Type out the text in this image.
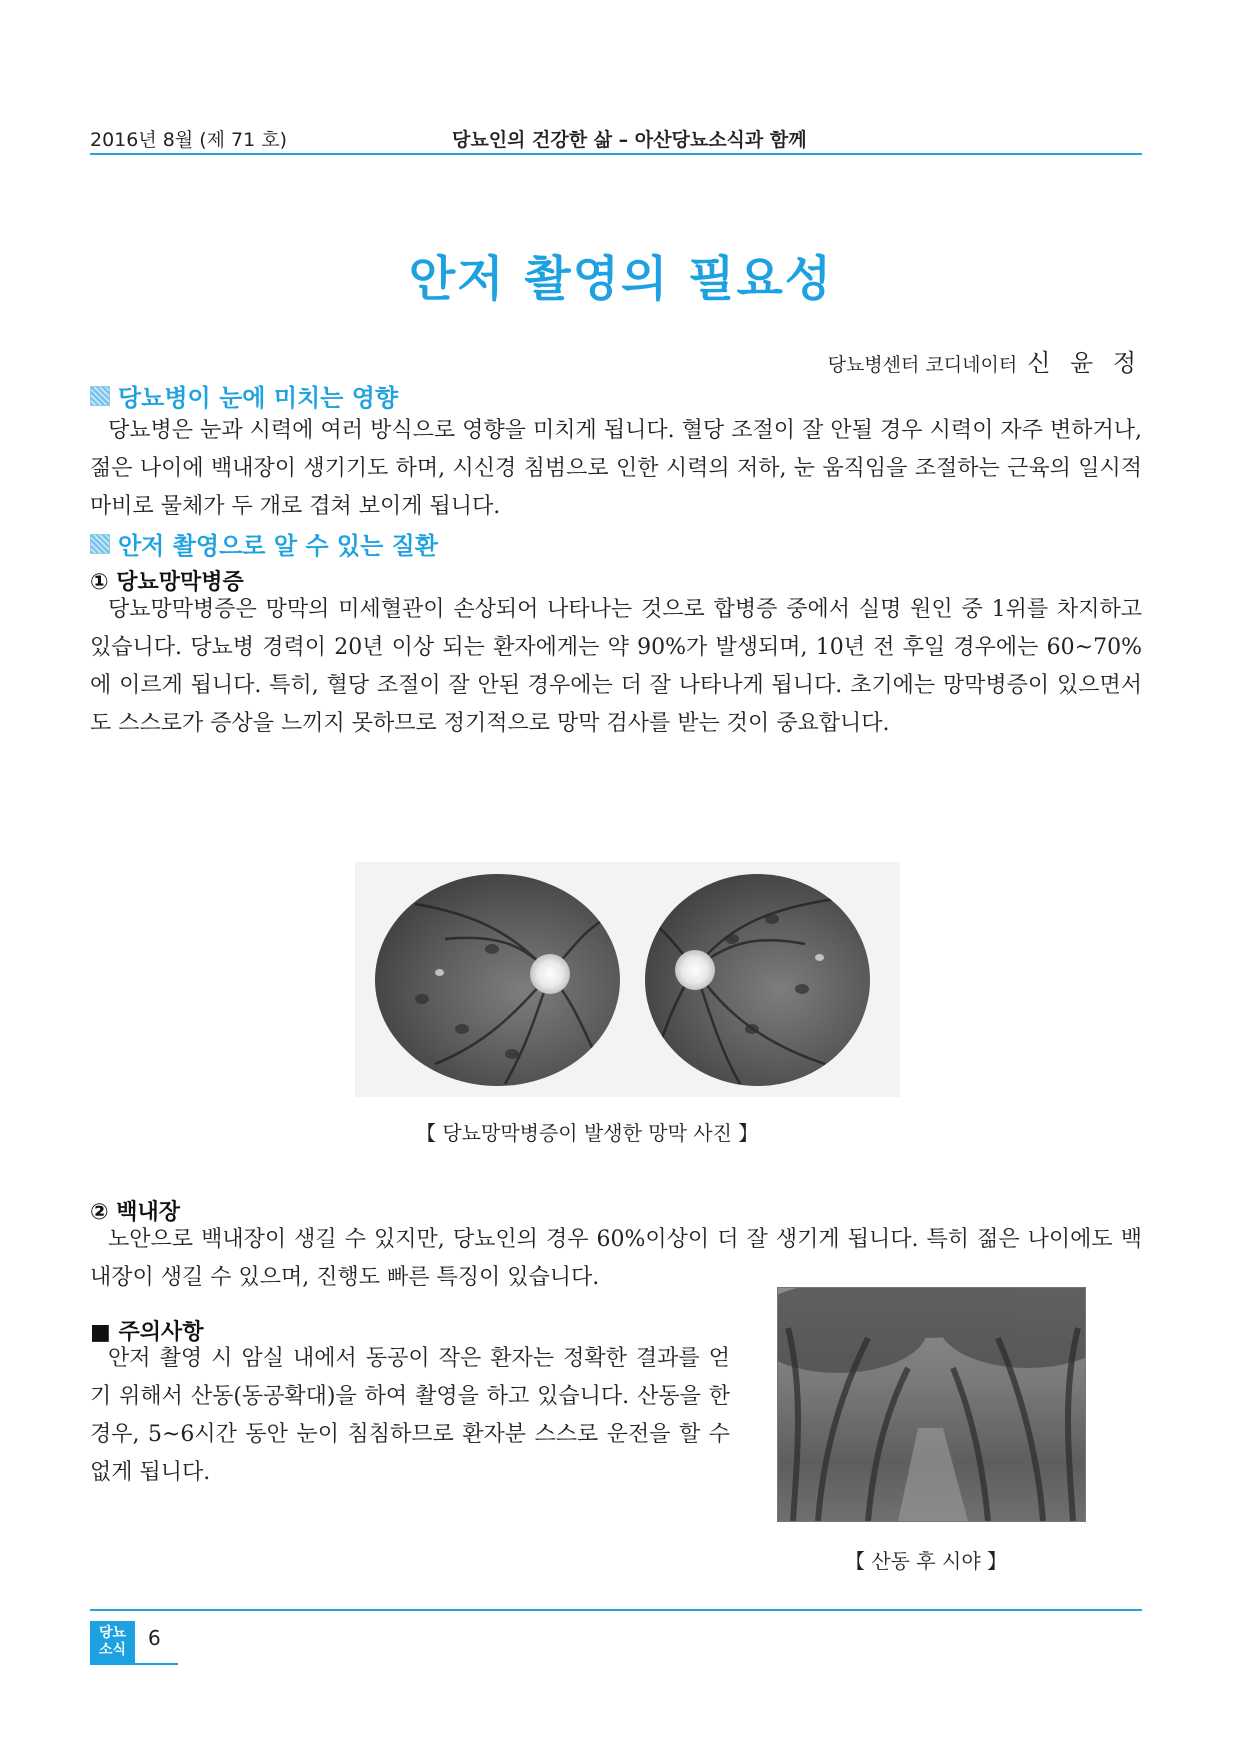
2016년 8월 (제 71 호)	당뇨인의 건강한 삶 – 아산당뇨소식과 함께
안저 촬영의 필요성
당뇨병센터 코디네이터 신 윤 정
당뇨병이 눈에 미치는 영향
당뇨병은 눈과 시력에 여러 방식으로 영향을 미치게 됩니다. 혈당 조절이 잘 안될 경우 시력이 자주 변하거나, 젊은 나이에 백내장이 생기기도 하며, 시신경 침범으로 인한 시력의 저하, 눈 움직임을 조절하는 근육의 일시적 마비로 물체가 두 개로 겹쳐 보이게 됩니다.
안저 촬영으로 알 수 있는 질환
① 당뇨망막병증
당뇨망막병증은 망막의 미세혈관이 손상되어 나타나는 것으로 합병증 중에서 실명 원인 중 1위를 차지하고 있습니다. 당뇨병 경력이 20년 이상 되는 환자에게는 약 90%가 발생되며, 10년 전 후일 경우에는 60~70%에 이르게 됩니다. 특히, 혈당 조절이 잘 안된 경우에는 더 잘 나타나게 됩니다. 초기에는 망막병증이 있으면서도 스스로가 증상을 느끼지 못하므로 정기적으로 망막 검사를 받는 것이 중요합니다.
【 당뇨망막병증이 발생한 망막 사진 】
② 백내장
노안으로 백내장이 생길 수 있지만, 당뇨인의 경우 60%이상이 더 잘 생기게 됩니다. 특히 젊은 나이에도 백내장이 생길 수 있으며, 진행도 빠른 특징이 있습니다.
■ 주의사항
안저 촬영 시 암실 내에서 동공이 작은 환자는 정확한 결과를 얻기 위해서 산동(동공확대)을 하여 촬영을 하고 있습니다. 산동을 한 경우, 5~6시간 동안 눈이 침침하므로 환자분 스스로 운전을 할 수 없게 됩니다.
【 산동 후 시야 】
당뇨
소식	6
